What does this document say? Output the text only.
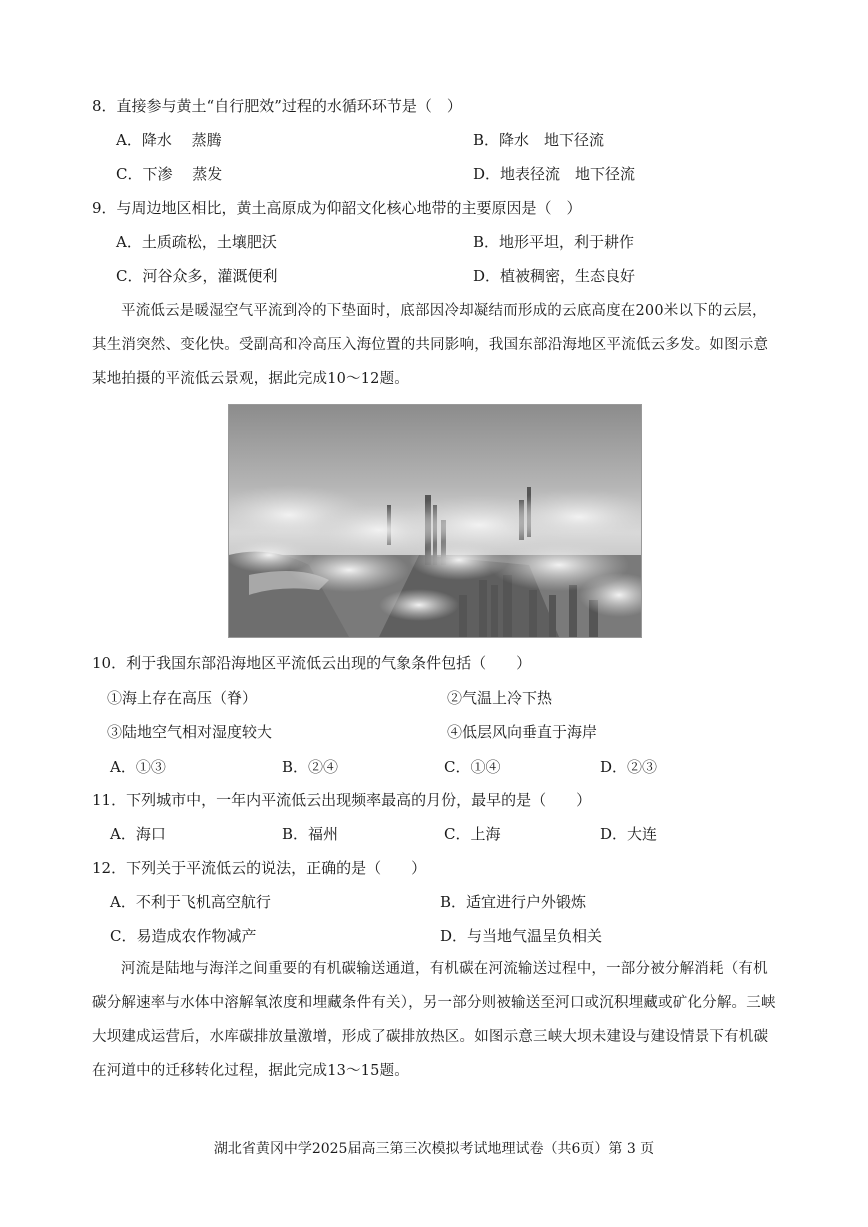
8．直接参与黄土“自行肥效”过程的水循环环节是（　）
A．降水　 蒸腾	B．降水　地下径流
C．下渗　 蒸发	D．地表径流　地下径流
9．与周边地区相比，黄土高原成为仰韶文化核心地带的主要原因是（　）
A．土质疏松，土壤肥沃	B．地形平坦，利于耕作
C．河谷众多，灌溉便利	D．植被稠密，生态良好

平流低云是暖湿空气平流到冷的下垫面时，底部因冷却凝结而形成的云底高度在200米以下的云层，其生消突然、变化快。受副高和冷高压入海位置的共同影响，我国东部沿海地区平流低云多发。如图示意某地拍摄的平流低云景观，据此完成10～12题。

10．利于我国东部沿海地区平流低云出现的气象条件包括（　　）
①海上存在高压（脊）	②气温上冷下热
③陆地空气相对湿度较大	④低层风向垂直于海岸
A．①③	B．②④	C．①④	D．②③
11．下列城市中，一年内平流低云出现频率最高的月份，最早的是（　　）
A．海口	B．福州	C．上海	D．大连
12．下列关于平流低云的说法，正确的是（　　）
A．不利于飞机高空航行	B．适宜进行户外锻炼
C．易造成农作物减产	D．与当地气温呈负相关

河流是陆地与海洋之间重要的有机碳输送通道，有机碳在河流输送过程中，一部分被分解消耗（有机碳分解速率与水体中溶解氧浓度和埋藏条件有关），另一部分则被输送至河口或沉积埋藏或矿化分解。三峡大坝建成运营后，水库碳排放量激增，形成了碳排放热区。如图示意三峡大坝未建设与建设情景下有机碳在河道中的迁移转化过程，据此完成13～15题。

湖北省黄冈中学2025届高三第三次模拟考试地理试卷（共6页）第 3 页
